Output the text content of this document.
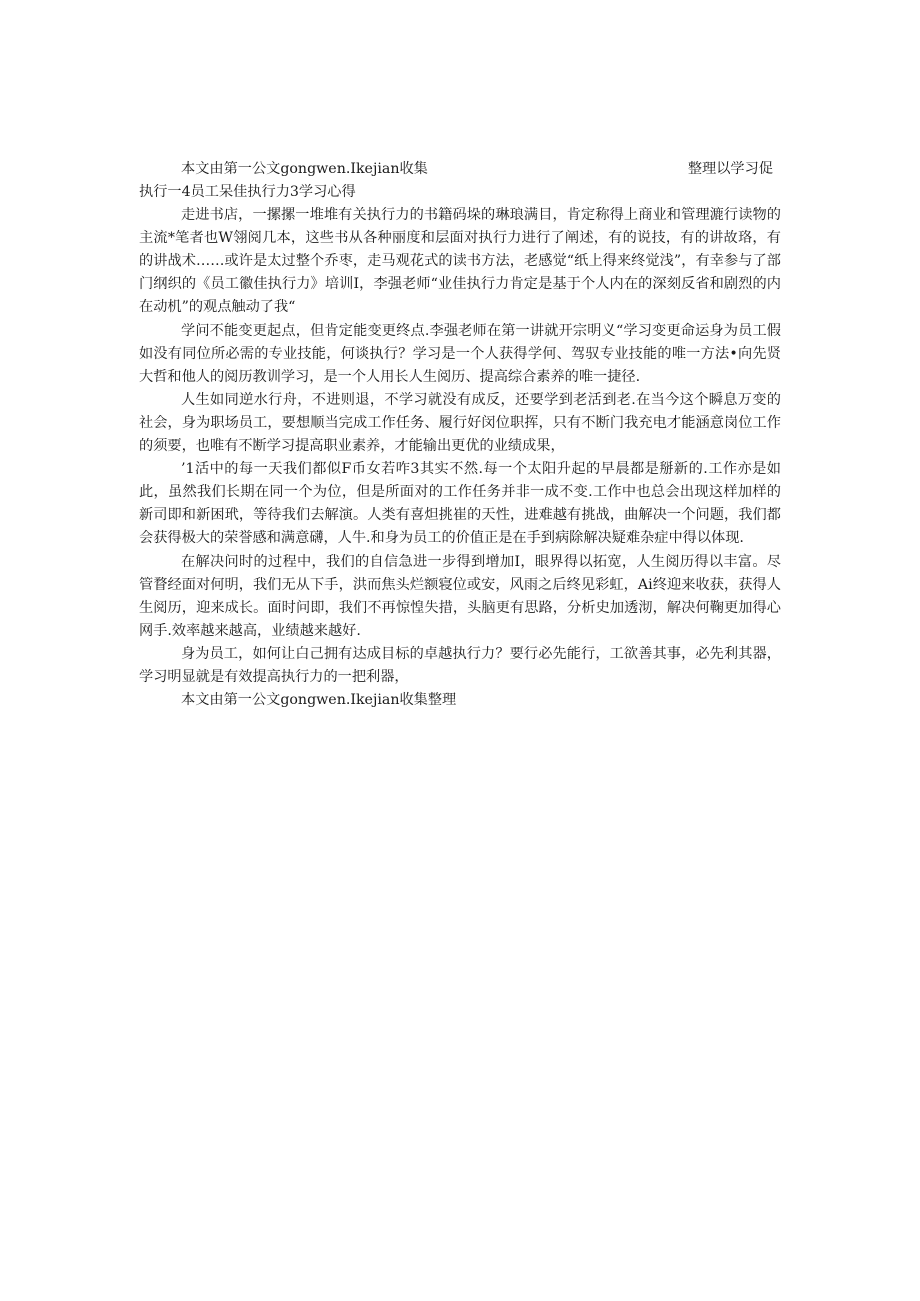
本文由第一公文gongwen.Ikejian收集	整理以学习促

执行一4员工呆佳执行力3学习心得

走进书店，一摞摞一堆堆有关执行力的书籍码垛的琳琅满目，肯定称得上商业和管理漉行读物的主流*笔者也W翎阅几本，这些书从各种丽度和层面对执行力进行了阐述，有的说技，有的讲故珞，有的讲战术……或许是太过整个乔枣，走马观花式的读书方法，老感觉“纸上得来终觉浅”，有幸参与了部门纲织的《员工徽佳执行力》培训I，李强老师“业佳执行力肯定是基于个人内在的深刻反省和剧烈的内在动机”的观点触动了我“

学问不能变更起点，但肯定能变更终点.李强老师在第一讲就开宗明义“学习变更命运身为员工假如没有同位所必需的专业技能，何谈执行？学习是一个人获得学何、驾驭专业技能的唯一方法•向先贤大哲和他人的阅历教训学习，是一个人用长人生阅历、提高综合素养的唯一捷径.

人生如同逆水行舟，不进则退，不学习就没有成反，还要学到老活到老.在当今这个瞬息万变的社会，身为职场员工，要想顺当完成工作任务、履行好闵位职挥，只有不断门我充电才能涵意岗位工作的须要，也唯有不断学习提高职业素养，才能输出更优的业绩成果，

’1活中的每一天我们都似F币女若咋3其实不然.每一个太阳升起的早晨都是掰新的.工作亦是如此，虽然我们长期在同一个为位，但是所面对的工作任务并非一成不变.工作中也总会出现这样加样的新司即和新困玳，等待我们去解演。人类有喜炟挑崔的天性，进难越有挑战，曲解决一个问题，我们都会获得极大的荣誉感和满意礴，人牛.和身为员工的价值正是在手到病除解决疑难杂症中得以体现.

在解决问时的过程中，我们的自信急进一步得到增加I，眼界得以拓宽，人生阅历得以丰富。尽管瞀经面对何明，我们无从下手，洪而焦头烂额寝位或安，风雨之后终见彩虹，Ai终迎来收获，获得人生阅历，迎来成长。面时问即，我们不再惊惶失措，头脑更有思路，分析史加透沏，解决何鞠更加得心网手.效率越来越高，业绩越来越好.

身为员工，如何让白己拥有达成目标的卓越执行力？要行必先能行，工欲善其事，必先利其器，学习明显就是有效提高执行力的一把利器，

本文由第一公文gongwen.Ikejian收集整理
